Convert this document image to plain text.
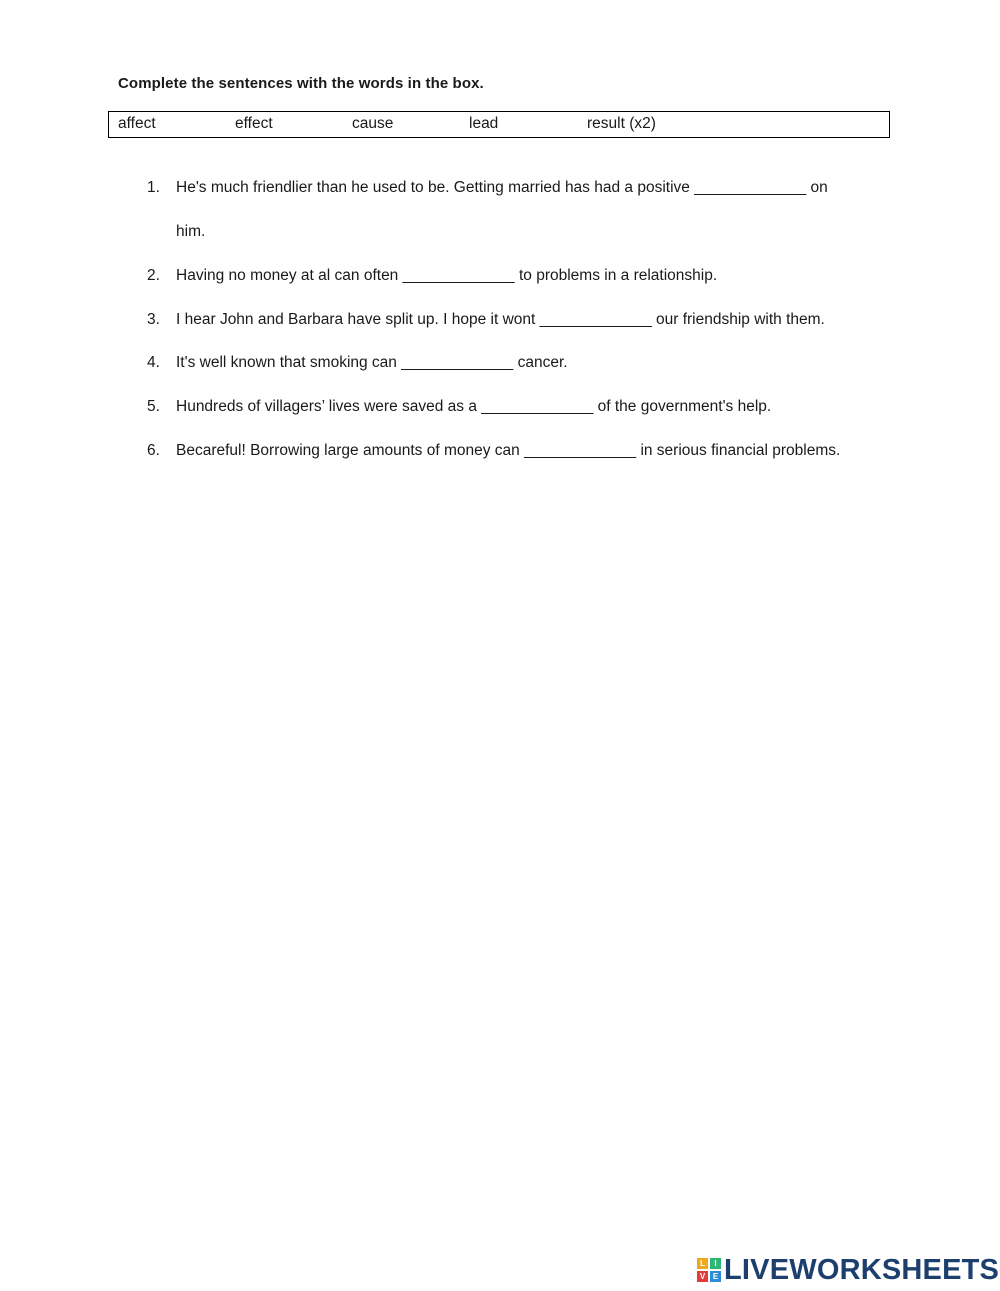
Complete the sentences with the words in the box.
affect	effect	cause	lead	result (x2)
1.	He's much friendlier than he used to be. Getting married has had a positive _____________ on
him.
2.	Having no money at al can often _____________ to problems in a relationship.
3.	I hear John and Barbara have split up. I hope it wont _____________ our friendship with them.
4.	It's well known that smoking can _____________ cancer.
5.	Hundreds of villagers’ lives were saved as a _____________ of the government's help.
6.	Becareful! Borrowing large amounts of money can _____________ in serious financial problems.
L	I
V E LIVEWORKSHEETS
